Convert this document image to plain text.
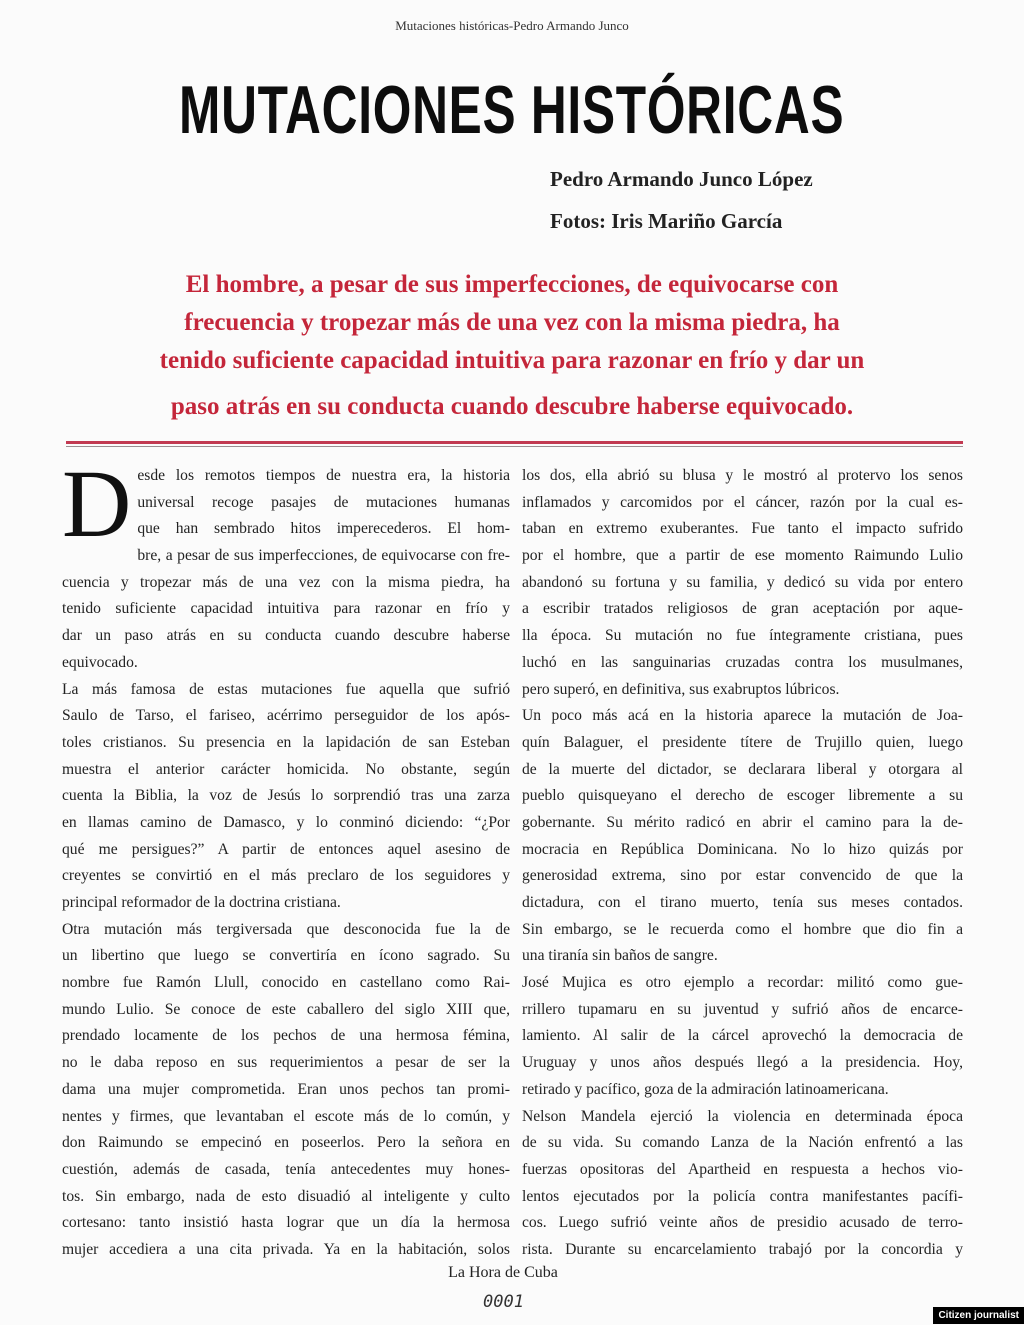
Mutaciones históricas-Pedro Armando Junco
MUTACIONES HISTÓRICAS
Pedro Armando Junco López
Fotos: Iris Mariño García
El hombre, a pesar de sus imperfecciones, de equivocarse con
frecuencia y tropezar más de una vez con la misma piedra, ha
tenido suficiente capacidad intuitiva para razonar en frío y dar un
paso atrás en su conducta cuando descubre haberse equivocado.
D esde los remotos tiempos de nuestra era, la historia
universal recoge pasajes de mutaciones humanas
que han sembrado hitos imperecederos. El hom-
bre, a pesar de sus imperfecciones, de equivocarse con fre-
cuencia y tropezar más de una vez con la misma piedra, ha
tenido suficiente capacidad intuitiva para razonar en frío y
dar un paso atrás en su conducta cuando descubre haberse
equivocado.
La más famosa de estas mutaciones fue aquella que sufrió
Saulo de Tarso, el fariseo, acérrimo perseguidor de los após-
toles cristianos. Su presencia en la lapidación de san Esteban
muestra el anterior carácter homicida. No obstante, según
cuenta la Biblia, la voz de Jesús lo sorprendió tras una zarza
en llamas camino de Damasco, y lo conminó diciendo: “¿Por
qué me persigues?” A partir de entonces aquel asesino de
creyentes se convirtió en el más preclaro de los seguidores y
principal reformador de la doctrina cristiana.
Otra mutación más tergiversada que desconocida fue la de
un libertino que luego se convertiría en ícono sagrado. Su
nombre fue Ramón Llull, conocido en castellano como Rai-
mundo Lulio. Se conoce de este caballero del siglo XIII que,
prendado locamente de los pechos de una hermosa fémina,
no le daba reposo en sus requerimientos a pesar de ser la
dama una mujer comprometida. Eran unos pechos tan promi-
nentes y firmes, que levantaban el escote más de lo común, y
don Raimundo se empecinó en poseerlos. Pero la señora en
cuestión, además de casada, tenía antecedentes muy hones-
tos. Sin embargo, nada de esto disuadió al inteligente y culto
cortesano: tanto insistió hasta lograr que un día la hermosa
mujer accediera a una cita privada. Ya en la habitación, solos
los dos, ella abrió su blusa y le mostró al protervo los senos
inflamados y carcomidos por el cáncer, razón por la cual es-
taban en extremo exuberantes. Fue tanto el impacto sufrido
por el hombre, que a partir de ese momento Raimundo Lulio
abandonó su fortuna y su familia, y dedicó su vida por entero
a escribir tratados religiosos de gran aceptación por aque-
lla época. Su mutación no fue íntegramente cristiana, pues
luchó en las sanguinarias cruzadas contra los musulmanes,
pero superó, en definitiva, sus exabruptos lúbricos.
Un poco más acá en la historia aparece la mutación de Joa-
quín Balaguer, el presidente títere de Trujillo quien, luego
de la muerte del dictador, se declarara liberal y otorgara al
pueblo quisqueyano el derecho de escoger libremente a su
gobernante. Su mérito radicó en abrir el camino para la de-
mocracia en República Dominicana. No lo hizo quizás por
generosidad extrema, sino por estar convencido de que la
dictadura, con el tirano muerto, tenía sus meses contados.
Sin embargo, se le recuerda como el hombre que dio fin a
una tiranía sin baños de sangre.
José Mujica es otro ejemplo a recordar: militó como gue-
rrillero tupamaru en su juventud y sufrió años de encarce-
lamiento. Al salir de la cárcel aprovechó la democracia de
Uruguay y unos años después llegó a la presidencia. Hoy,
retirado y pacífico, goza de la admiración latinoamericana.
Nelson Mandela ejerció la violencia en determinada época
de su vida. Su comando Lanza de la Nación enfrentó a las
fuerzas opositoras del Apartheid en respuesta a hechos vio-
lentos ejecutados por la policía contra manifestantes pacífi-
cos. Luego sufrió veinte años de presidio acusado de terro-
rista. Durante su encarcelamiento trabajó por la concordia y
La Hora de Cuba
0001
Citizen journalist
